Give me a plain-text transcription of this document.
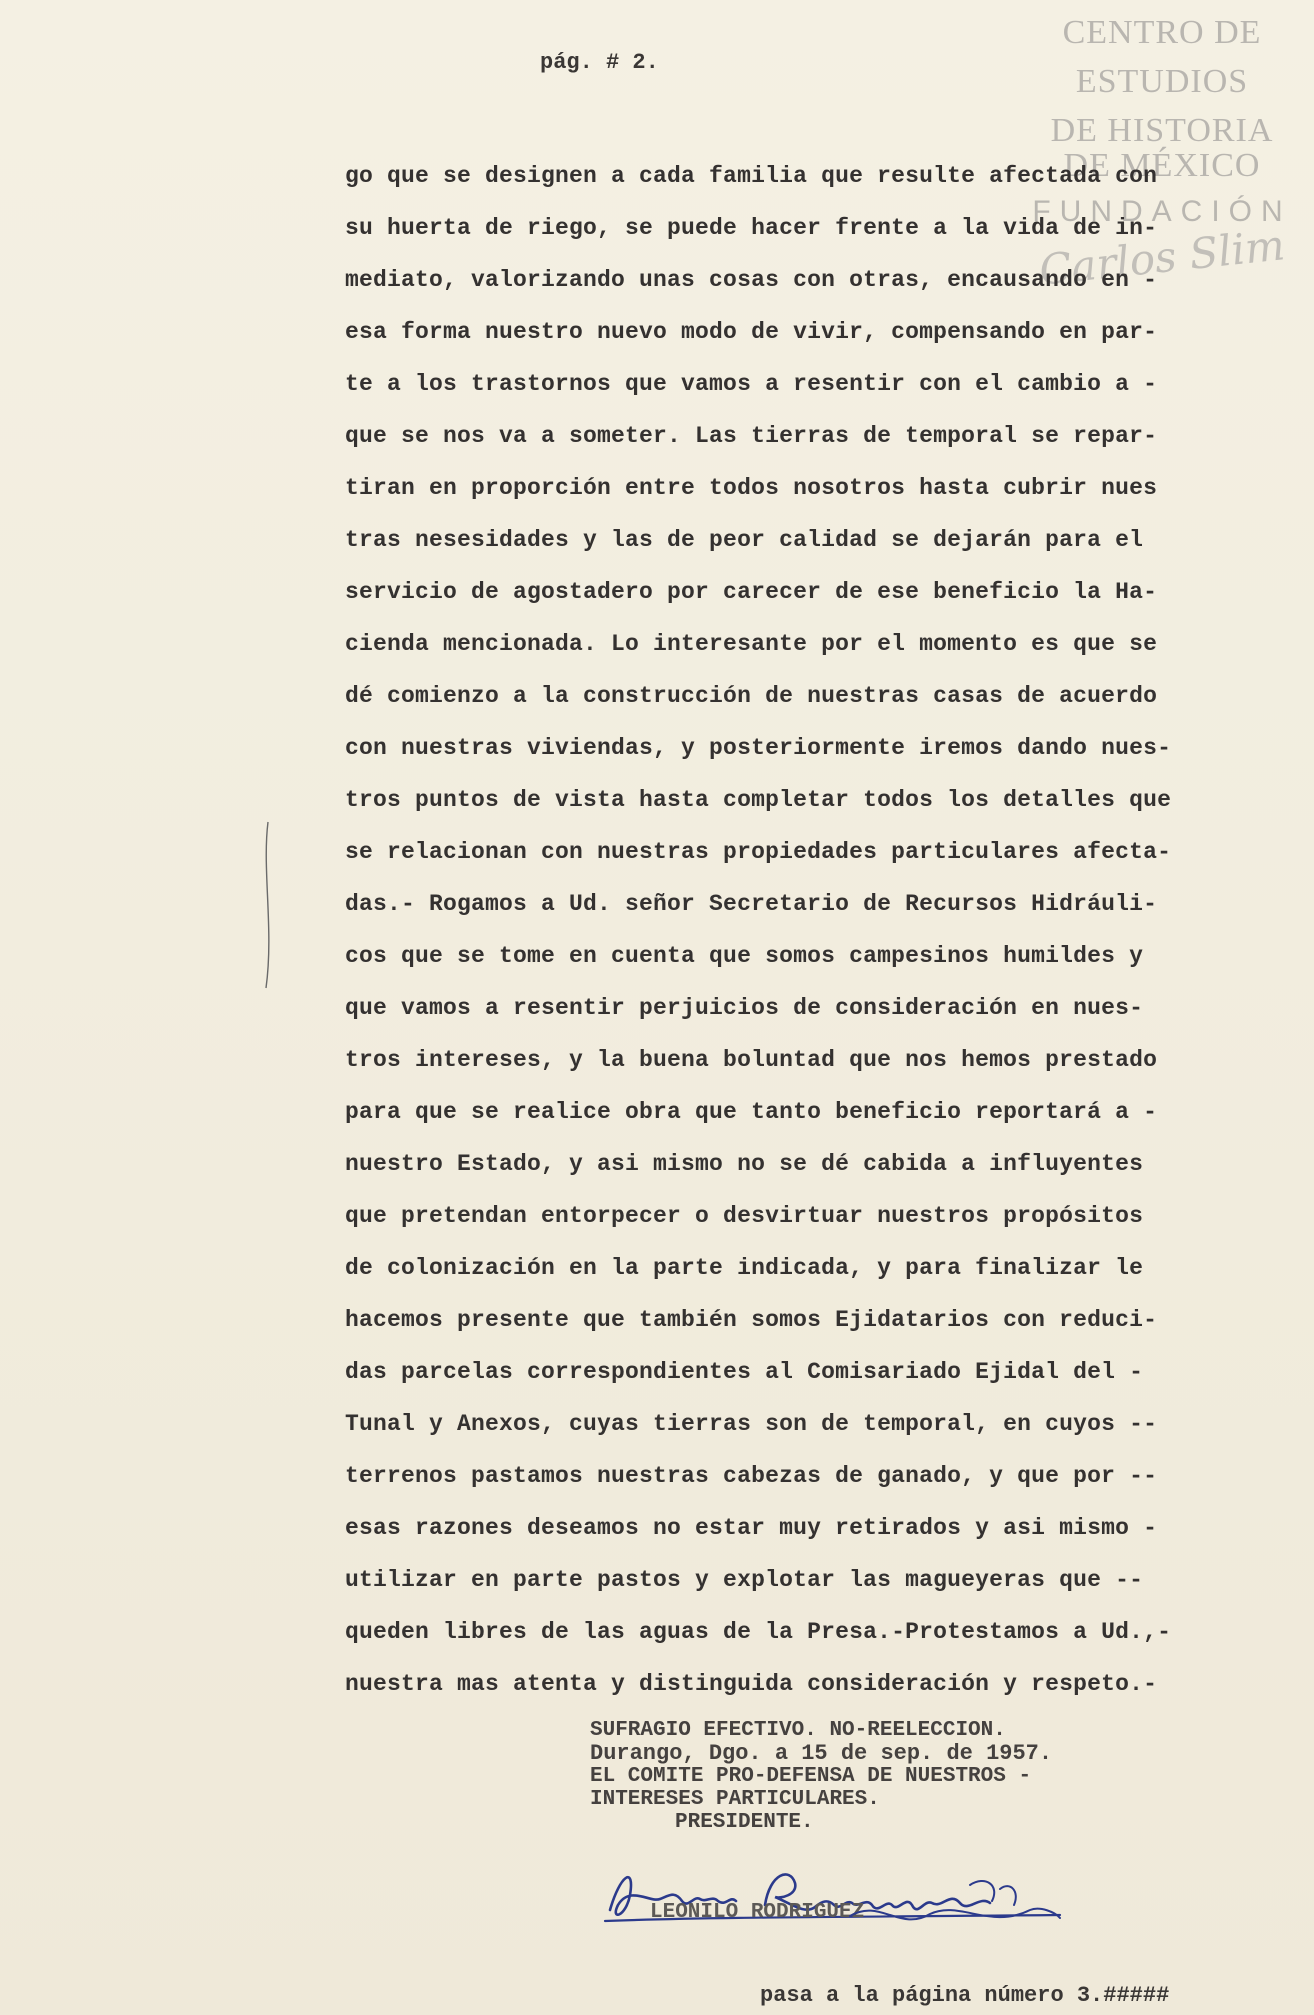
CENTRO DE
ESTUDIOS
DE HISTORIA
DE MÉXICO
FUNDACIÓN
Carlos Slim
pág. # 2.
go que se designen a cada familia que resulte afectada con
su huerta de riego, se puede hacer frente a la vida de in-
mediato, valorizando unas cosas con otras, encausando en -
esa forma nuestro nuevo modo de vivir, compensando en par-
te a los trastornos que vamos a resentir con el cambio a -
que se nos va a someter. Las tierras de temporal se repar-
tiran en proporción entre todos nosotros hasta cubrir nues
tras nesesidades y las de peor calidad se dejarán para el
servicio de agostadero por carecer de ese beneficio la Ha-
cienda mencionada. Lo interesante por el momento es que se
dé comienzo a la construcción de nuestras casas de acuerdo
con nuestras viviendas, y posteriormente iremos dando nues-
tros puntos de vista hasta completar todos los detalles que
se relacionan con nuestras propiedades particulares afecta-
das.- Rogamos a Ud. señor Secretario de Recursos Hidráuli-
cos que se tome en cuenta que somos campesinos humildes y
que vamos a resentir perjuicios de consideración en nues-
tros intereses, y la buena boluntad que nos hemos prestado
para que se realice obra que tanto beneficio reportará a -
nuestro Estado, y asi mismo no se dé cabida a influyentes
que pretendan entorpecer o desvirtuar nuestros propósitos
de colonización en la parte indicada, y para finalizar le
hacemos presente que también somos Ejidatarios con reduci-
das parcelas correspondientes al Comisariado Ejidal del -
Tunal y Anexos, cuyas tierras son de temporal, en cuyos --
terrenos pastamos nuestras cabezas de ganado, y que por --
esas razones deseamos no estar muy retirados y asi mismo -
utilizar en parte pastos y explotar las magueyeras que --
queden libres de las aguas de la Presa.-Protestamos a Ud.,-
nuestra mas atenta y distinguida consideración y respeto.-
SUFRAGIO EFECTIVO. NO-REELECCION.
Durango, Dgo. a 15 de sep. de 1957.
EL COMITE PRO-DEFENSA DE NUESTROS -
INTERESES PARTICULARES.
PRESIDENTE.
LEONILO RODRIGUEZ
pasa a la página número 3.#####
